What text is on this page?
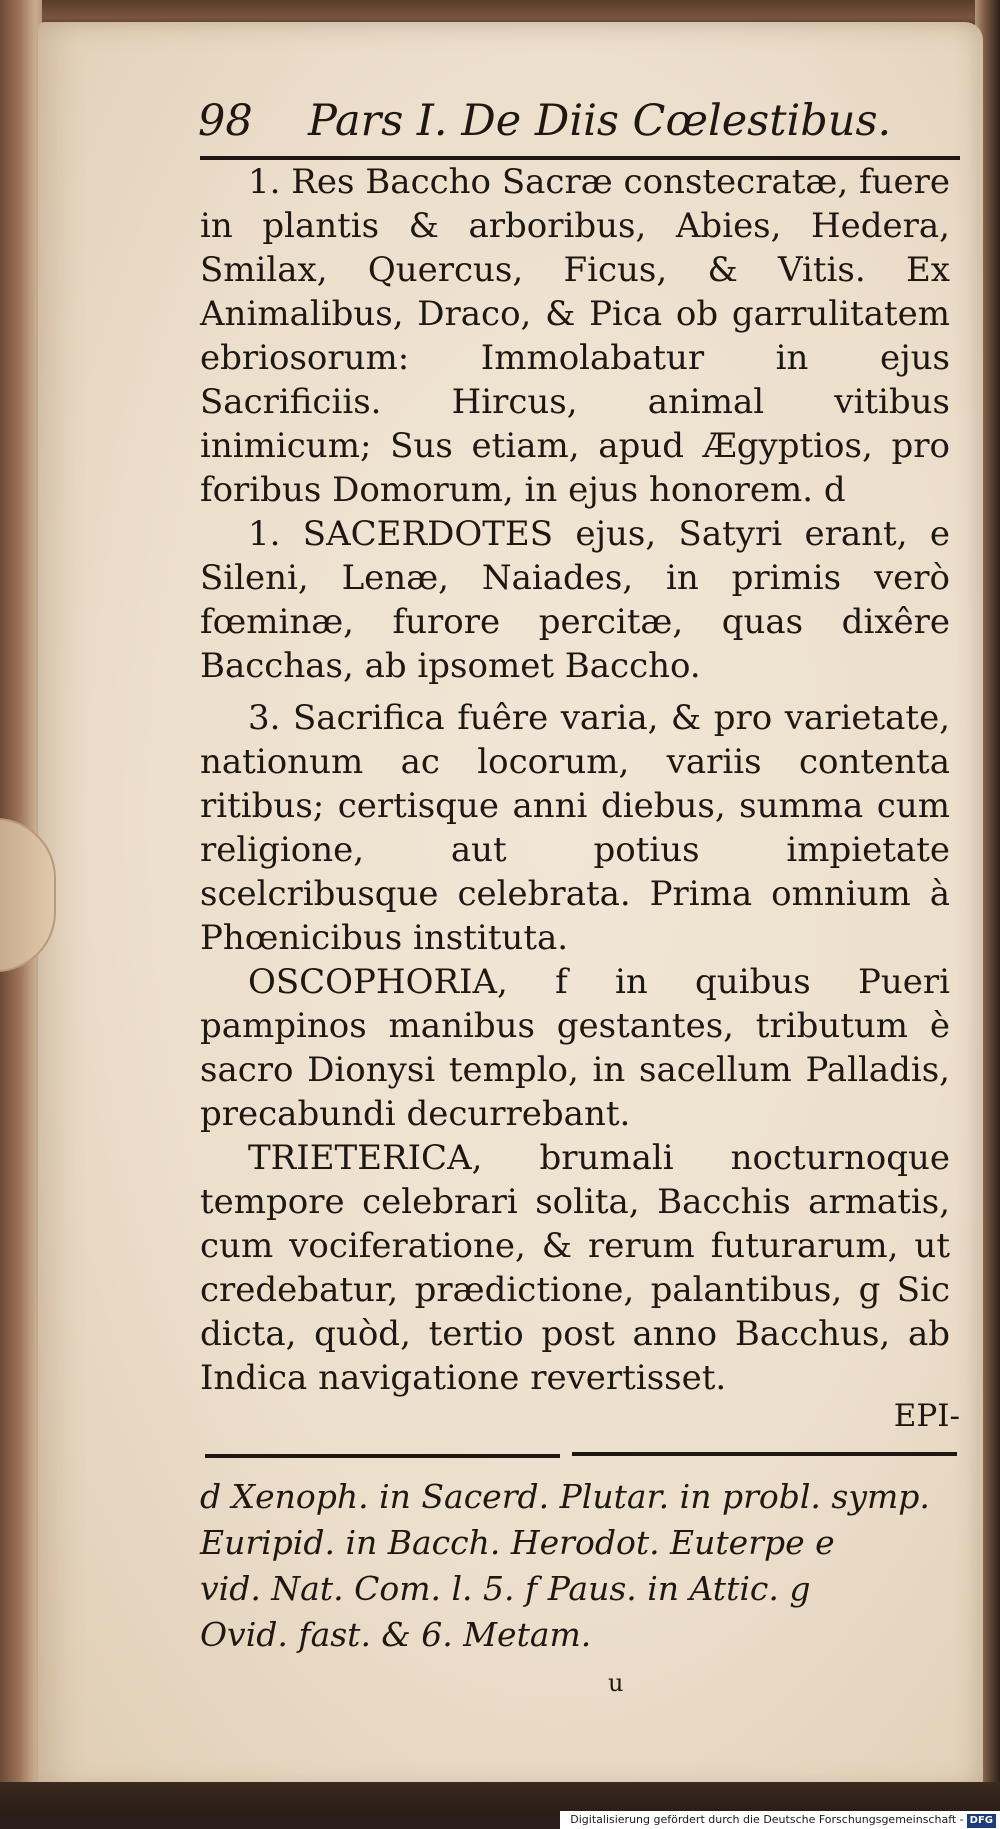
98 Pars I. De Diis Cœlestibus.

1. Res Baccho Sacræ constecratæ, fuere in plantis & arboribus, Abies, Hedera, Smilax, Quercus, Ficus, & Vitis. Ex Animalibus, Draco, & Pica ob garrulitatem ebriosorum: Immolabatur in ejus Sacrificiis. Hircus, animal vitibus inimicum; Sus etiam, apud Ægyptios, pro foribus Domorum, in ejus honorem. d

1. SACERDOTES ejus, Satyri erant, e Sileni, Lenæ, Naiades, in primis verò fœminæ, furore percitæ, quas dixêre Bacchas, ab ipsomet Baccho.

3. Sacrifica fuêre varia, & pro varietate, nationum ac locorum, variis contenta ritibus; certisque anni diebus, summa cum religione, aut potius impietate scelcribusque celebrata. Prima omnium à Phœnicibus instituta.

OSCOPHORIA, f in quibus Pueri pampinos manibus gestantes, tributum è sacro Dionysi templo, in sacellum Palladis, precabundi decurrebant.

TRIETERICA, brumali nocturnoque tempore celebrari solita, Bacchis armatis, cum vociferatione, & rerum futurarum, ut credebatur, prædictione, palantibus, g Sic dicta, quòd, tertio post anno Bacchus, ab Indica navigatione revertisset.

EPI-

d Xenoph. in Sacerd. Plutar. in probl. symp.

Euripid. in Bacch. Herodot. Euterpe e

vid. Nat. Com. l. 5. f Paus. in Attic. g

Ovid. fast. & 6. Metam.

u
Digitalisierung gefördert durch die Deutsche Forschungsgemeinschaft - DFG
